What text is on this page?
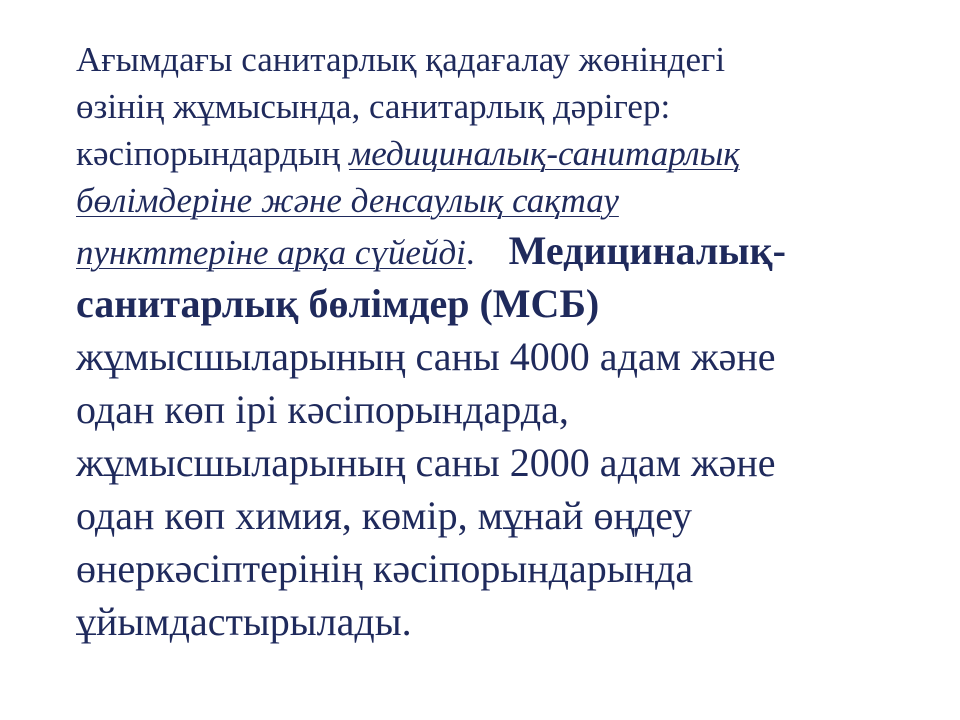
Ағымдағы санитарлық қадағалау жөніндегі
өзінің жұмысында, санитарлық дәрігер:
кәсіпорындардың медициналық-санитарлық
бөлімдеріне және денсаулық сақтау
пункттеріне арқа сүйейді. Медициналық-
санитарлық бөлімдер (МСБ)
жұмысшыларының саны 4000 адам және
одан көп ірі кәсіпорындарда,
жұмысшыларының саны 2000 адам және
одан көп химия, көмір, мұнай өңдеу
өнеркәсіптерінің кәсіпорындарында
ұйымдастырылады.
